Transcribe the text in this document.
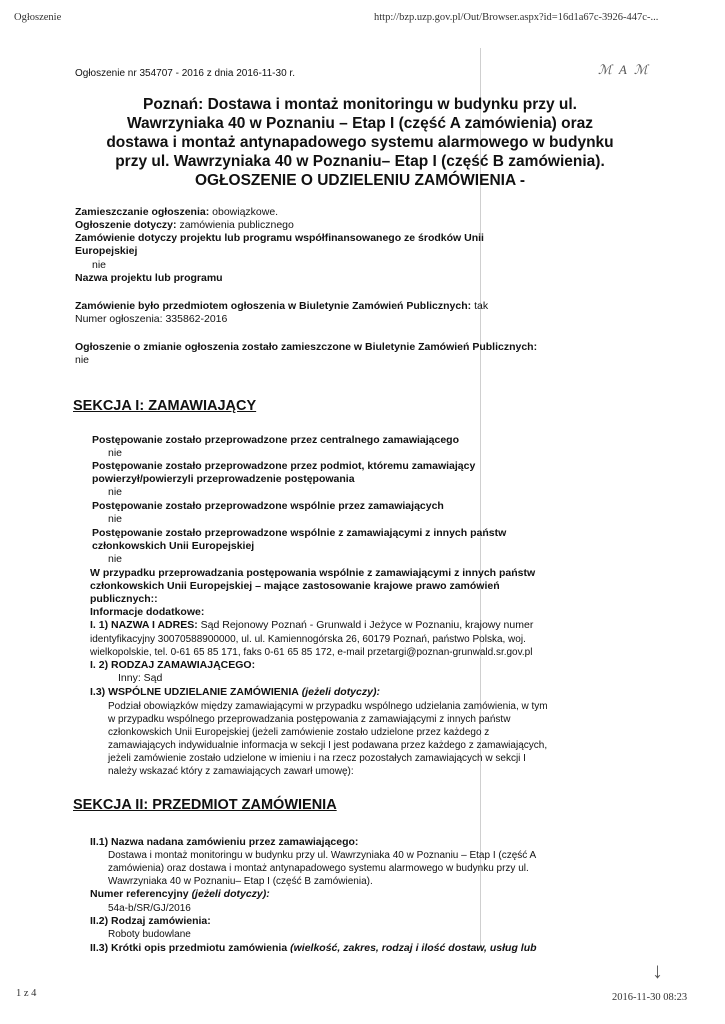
Ogłoszenie	http://bzp.uzp.gov.pl/Out/Browser.aspx?id=16d1a67c-3926-447c-...
Ogłoszenie nr 354707 - 2016 z dnia 2016-11-30 r.	ℳ A ℳ
Poznań: Dostawa i montaż monitoringu w budynku przy ul.
Wawrzyniaka 40 w Poznaniu – Etap I (część A zamówienia) oraz
dostawa i montaż antynapadowego systemu alarmowego w budynku
przy ul. Wawrzyniaka 40 w Poznaniu– Etap I (część B zamówienia).
OGŁOSZENIE O UDZIELENIU ZAMÓWIENIA -
Zamieszczanie ogłoszenia: obowiązkowe.
Ogłoszenie dotyczy: zamówienia publicznego
Zamówienie dotyczy projektu lub programu współfinansowanego ze środków Unii
Europejskiej
nie
Nazwa projektu lub programu
Zamówienie było przedmiotem ogłoszenia w Biuletynie Zamówień Publicznych: tak
Numer ogłoszenia: 335862-2016
Ogłoszenie o zmianie ogłoszenia zostało zamieszczone w Biuletynie Zamówień Publicznych:
nie
SEKCJA I: ZAMAWIAJĄCY
Postępowanie zostało przeprowadzone przez centralnego zamawiającego
nie
Postępowanie zostało przeprowadzone przez podmiot, któremu zamawiający
powierzył/powierzyli przeprowadzenie postępowania
nie
Postępowanie zostało przeprowadzone wspólnie przez zamawiających
nie
Postępowanie zostało przeprowadzone wspólnie z zamawiającymi z innych państw
członkowskich Unii Europejskiej
nie
W przypadku przeprowadzania postępowania wspólnie z zamawiającymi z innych państw
członkowskich Unii Europejskiej – mające zastosowanie krajowe prawo zamówień
publicznych::
Informacje dodatkowe:
I. 1) NAZWA I ADRES: Sąd Rejonowy Poznań - Grunwald i Jeżyce w Poznaniu, krajowy numer
identyfikacyjny 30070588900000, ul. ul. Kamiennogórska 26, 60179 Poznań, państwo Polska, woj.
wielkopolskie, tel. 0-61 65 85 171, faks 0-61 65 85 172, e-mail przetargi@poznan-grunwald.sr.gov.pl
I. 2) RODZAJ ZAMAWIAJĄCEGO:
Inny: Sąd
I.3) WSPÓLNE UDZIELANIE ZAMÓWIENIA (jeżeli dotyczy):
Podział obowiązków między zamawiającymi w przypadku wspólnego udzielania zamówienia, w tym
w przypadku wspólnego przeprowadzania postępowania z zamawiającymi z innych państw
członkowskich Unii Europejskiej (jeżeli zamówienie zostało udzielone przez każdego z
zamawiających indywidualnie informacja w sekcji I jest podawana przez każdego z zamawiających,
jeżeli zamówienie zostało udzielone w imieniu i na rzecz pozostałych zamawiających w sekcji I
należy wskazać który z zamawiających zawarł umowę):
SEKCJA II: PRZEDMIOT ZAMÓWIENIA
II.1) Nazwa nadana zamówieniu przez zamawiającego:
Dostawa i montaż monitoringu w budynku przy ul. Wawrzyniaka 40 w Poznaniu – Etap I (część A
zamówienia) oraz dostawa i montaż antynapadowego systemu alarmowego w budynku przy ul.
Wawrzyniaka 40 w Poznaniu– Etap I (część B zamówienia).
Numer referencyjny (jeżeli dotyczy):
54a-b/SR/GJ/2016
II.2) Rodzaj zamówienia:
Roboty budowlane
II.3) Krótki opis przedmiotu zamówienia (wielkość, zakres, rodzaj i ilość dostaw, usług lub
↓
1 z 4	2016-11-30 08:23
